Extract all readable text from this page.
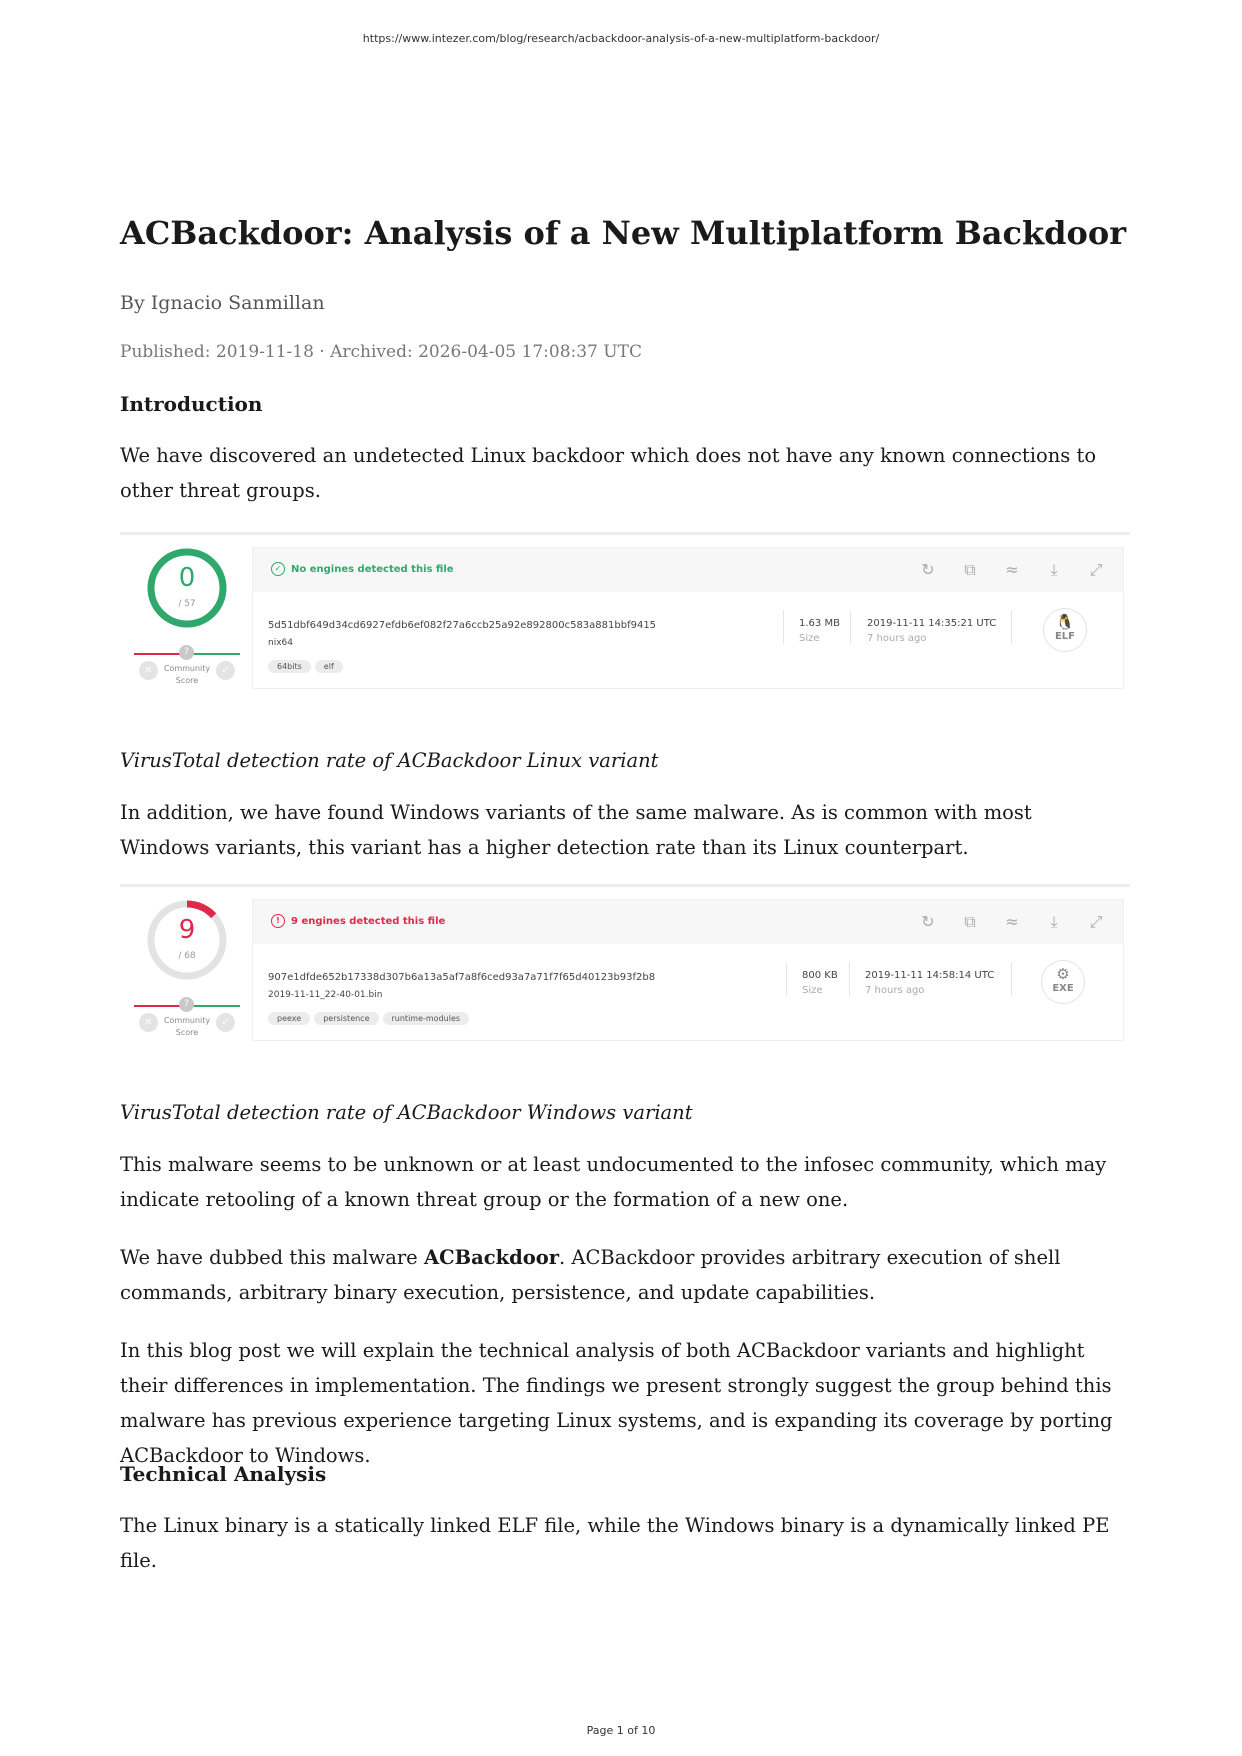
https://www.intezer.com/blog/research/acbackdoor-analysis-of-a-new-multiplatform-backdoor/
ACBackdoor: Analysis of a New Multiplatform Backdoor
By Ignacio Sanmillan
Published: 2019-11-18 · Archived: 2026-04-05 17:08:37 UTC
Introduction

We have discovered an undetected Linux backdoor which does not have any known connections to other threat groups.

0
/ 57
?
✕	Community
Score
✓
✓ No engines detected this file	↻ ⧉ ≈ ⤓ ⤢
5d51dbf649d34cd6927efdb6ef082f27a6ccb25a92e892800c583a881bbf9415
nix64
64bits	elf
1.63 MB
Size
2019-11-11 14:35:21 UTC
7 hours ago
🐧
ELF

VirusTotal detection rate of ACBackdoor Linux variant

In addition, we have found Windows variants of the same malware. As is common with most Windows variants, this variant has a higher detection rate than its Linux counterpart.

9
/ 68
?
✕	Community
Score
✓
! 9 engines detected this file	↻ ⧉ ≈ ⤓ ⤢
907e1dfde652b17338d307b6a13a5af7a8f6ced93a7a71f7f65d40123b93f2b8
2019-11-11_22-40-01.bin
peexe	persistence	runtime-modules
800 KB
Size
2019-11-11 14:58:14 UTC
7 hours ago
⚙
EXE

VirusTotal detection rate of ACBackdoor Windows variant

This malware seems to be unknown or at least undocumented to the infosec community, which may indicate retooling of a known threat group or the formation of a new one.

We have dubbed this malware ACBackdoor. ACBackdoor provides arbitrary execution of shell commands, arbitrary binary execution, persistence, and update capabilities.

In this blog post we will explain the technical analysis of both ACBackdoor variants and highlight their differences in implementation. The findings we present strongly suggest the group behind this malware has previous experience targeting Linux systems, and is expanding its coverage by porting ACBackdoor to Windows.

Technical Analysis

The Linux binary is a statically linked ELF file, while the Windows binary is a dynamically linked PE file.

Page 1 of 10
